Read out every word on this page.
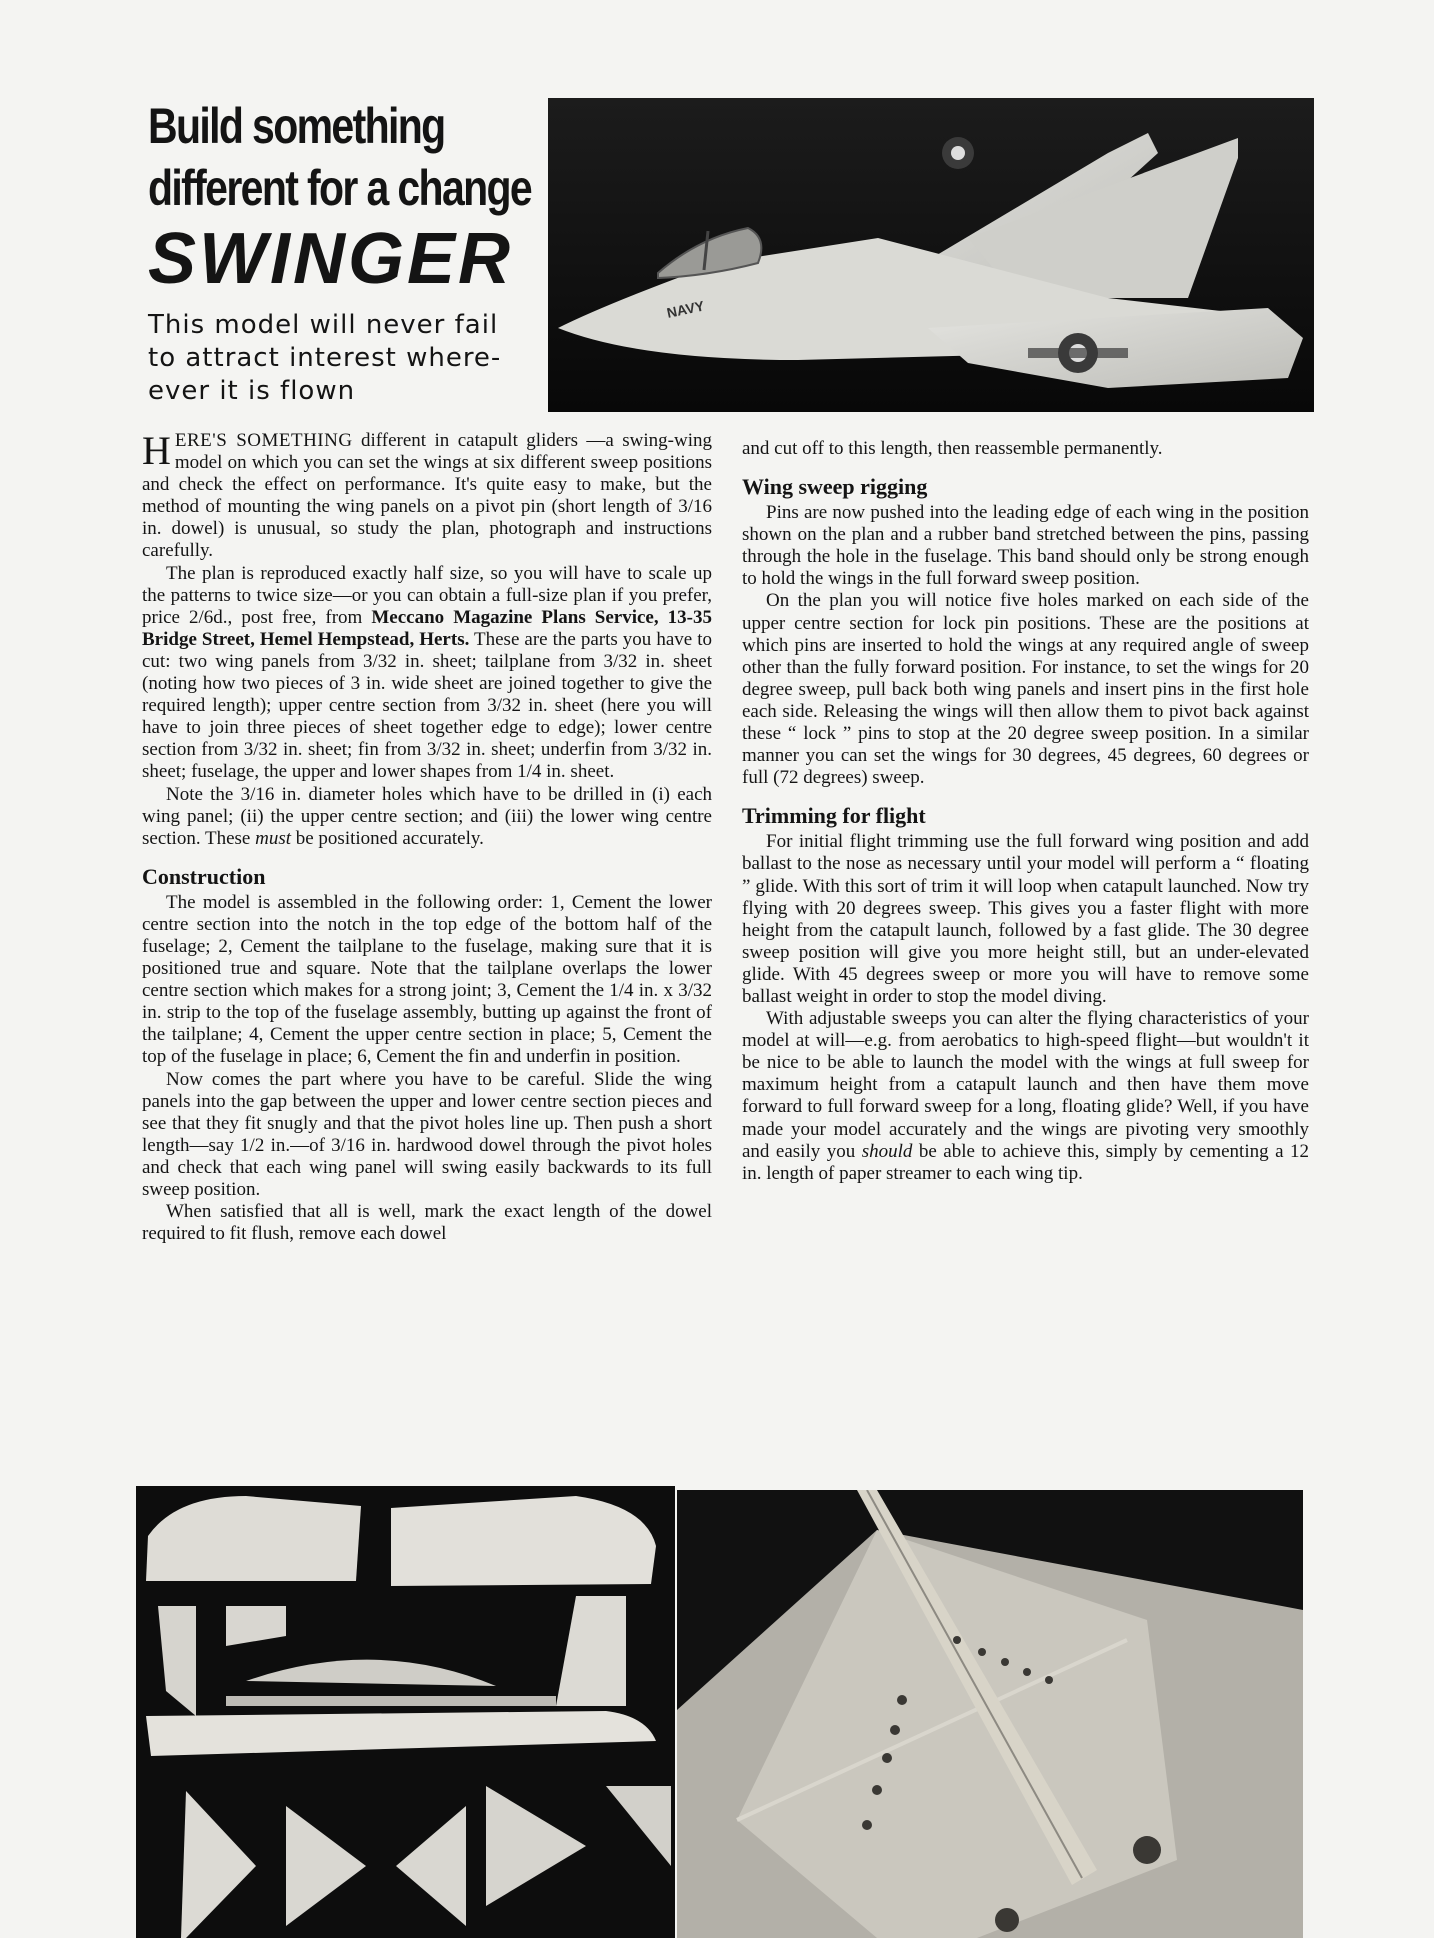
Build something
different for a change
SWINGER
This model will never fail
to attract interest where-
ever it is flown
NAVY

HERE'S SOMETHING different in catapult gliders —a swing-wing model on which you can set the wings at six different sweep positions and check the effect on performance. It's quite easy to make, but the method of mounting the wing panels on a pivot pin (short length of 3/16 in. dowel) is unusual, so study the plan, photograph and instructions carefully.

The plan is reproduced exactly half size, so you will have to scale up the patterns to twice size—or you can obtain a full-size plan if you prefer, price 2/6d., post free, from Meccano Magazine Plans Service, 13-35 Bridge Street, Hemel Hempstead, Herts. These are the parts you have to cut: two wing panels from 3/32 in. sheet; tailplane from 3/32 in. sheet (noting how two pieces of 3 in. wide sheet are joined together to give the required length); upper centre section from 3/32 in. sheet (here you will have to join three pieces of sheet together edge to edge); lower centre section from 3/32 in. sheet; fin from 3/32 in. sheet; underfin from 3/32 in. sheet; fuselage, the upper and lower shapes from 1/4 in. sheet.

Note the 3/16 in. diameter holes which have to be drilled in (i) each wing panel; (ii) the upper centre section; and (iii) the lower wing centre section. These must be positioned accurately.

Construction

The model is assembled in the following order: 1, Cement the lower centre section into the notch in the top edge of the bottom half of the fuselage; 2, Cement the tailplane to the fuselage, making sure that it is positioned true and square. Note that the tailplane overlaps the lower centre section which makes for a strong joint; 3, Cement the 1/4 in. x 3/32 in. strip to the top of the fuselage assembly, butting up against the front of the tailplane; 4, Cement the upper centre section in place; 5, Cement the top of the fuselage in place; 6, Cement the fin and underfin in position.

Now comes the part where you have to be careful. Slide the wing panels into the gap between the upper and lower centre section pieces and see that they fit snugly and that the pivot holes line up. Then push a short length—say 1/2 in.—of 3/16 in. hardwood dowel through the pivot holes and check that each wing panel will swing easily backwards to its full sweep position.

When satisfied that all is well, mark the exact length of the dowel required to fit flush, remove each dowel

and cut off to this length, then reassemble permanently.

Wing sweep rigging

Pins are now pushed into the leading edge of each wing in the position shown on the plan and a rubber band stretched between the pins, passing through the hole in the fuselage. This band should only be strong enough to hold the wings in the full forward sweep position.

On the plan you will notice five holes marked on each side of the upper centre section for lock pin positions. These are the positions at which pins are inserted to hold the wings at any required angle of sweep other than the fully forward position. For instance, to set the wings for 20 degree sweep, pull back both wing panels and insert pins in the first hole each side. Releasing the wings will then allow them to pivot back against these “ lock ” pins to stop at the 20 degree sweep position. In a similar manner you can set the wings for 30 degrees, 45 degrees, 60 degrees or full (72 degrees) sweep.

Trimming for flight

For initial flight trimming use the full forward wing position and add ballast to the nose as necessary until your model will perform a “ floating ” glide. With this sort of trim it will loop when catapult launched. Now try flying with 20 degrees sweep. This gives you a faster flight with more height from the catapult launch, followed by a fast glide. The 30 degree sweep position will give you more height still, but an under-elevated glide. With 45 degrees sweep or more you will have to remove some ballast weight in order to stop the model diving.

With adjustable sweeps you can alter the flying characteristics of your model at will—e.g. from aerobatics to high-speed flight—but wouldn't it be nice to be able to launch the model with the wings at full sweep for maximum height from a catapult launch and then have them move forward to full forward sweep for a long, floating glide? Well, if you have made your model accurately and the wings are pivoting very smoothly and easily you should be able to achieve this, simply by cementing a 12 in. length of paper streamer to each wing tip.
